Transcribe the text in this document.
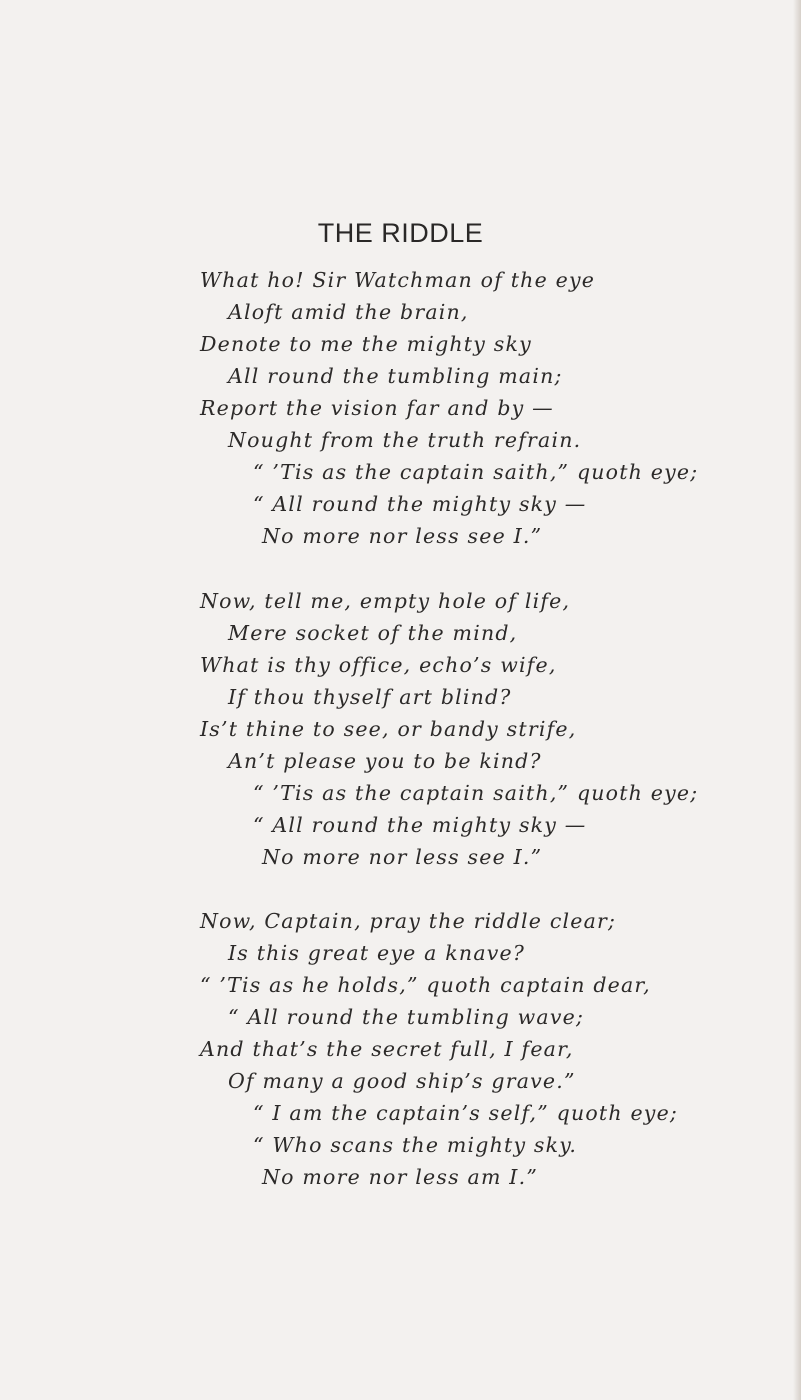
THE RIDDLE
What ho! Sir Watchman of the eye
Aloft amid the brain,
Denote to me the mighty sky
All round the tumbling main;
Report the vision far and by —
Nought from the truth refrain.
“ ’Tis as the captain saith,” quoth eye;
“ All round the mighty sky —
No more nor less see I.”
Now, tell me, empty hole of life,
Mere socket of the mind,
What is thy office, echo’s wife,
If thou thyself art blind?
Is’t thine to see, or bandy strife,
An’t please you to be kind?
“ ’Tis as the captain saith,” quoth eye;
“ All round the mighty sky —
No more nor less see I.”
Now, Captain, pray the riddle clear;
Is this great eye a knave?
“ ’Tis as he holds,” quoth captain dear,
“ All round the tumbling wave;
And that’s the secret full, I fear,
Of many a good ship’s grave.”
“ I am the captain’s self,” quoth eye;
“ Who scans the mighty sky.
No more nor less am I.”
